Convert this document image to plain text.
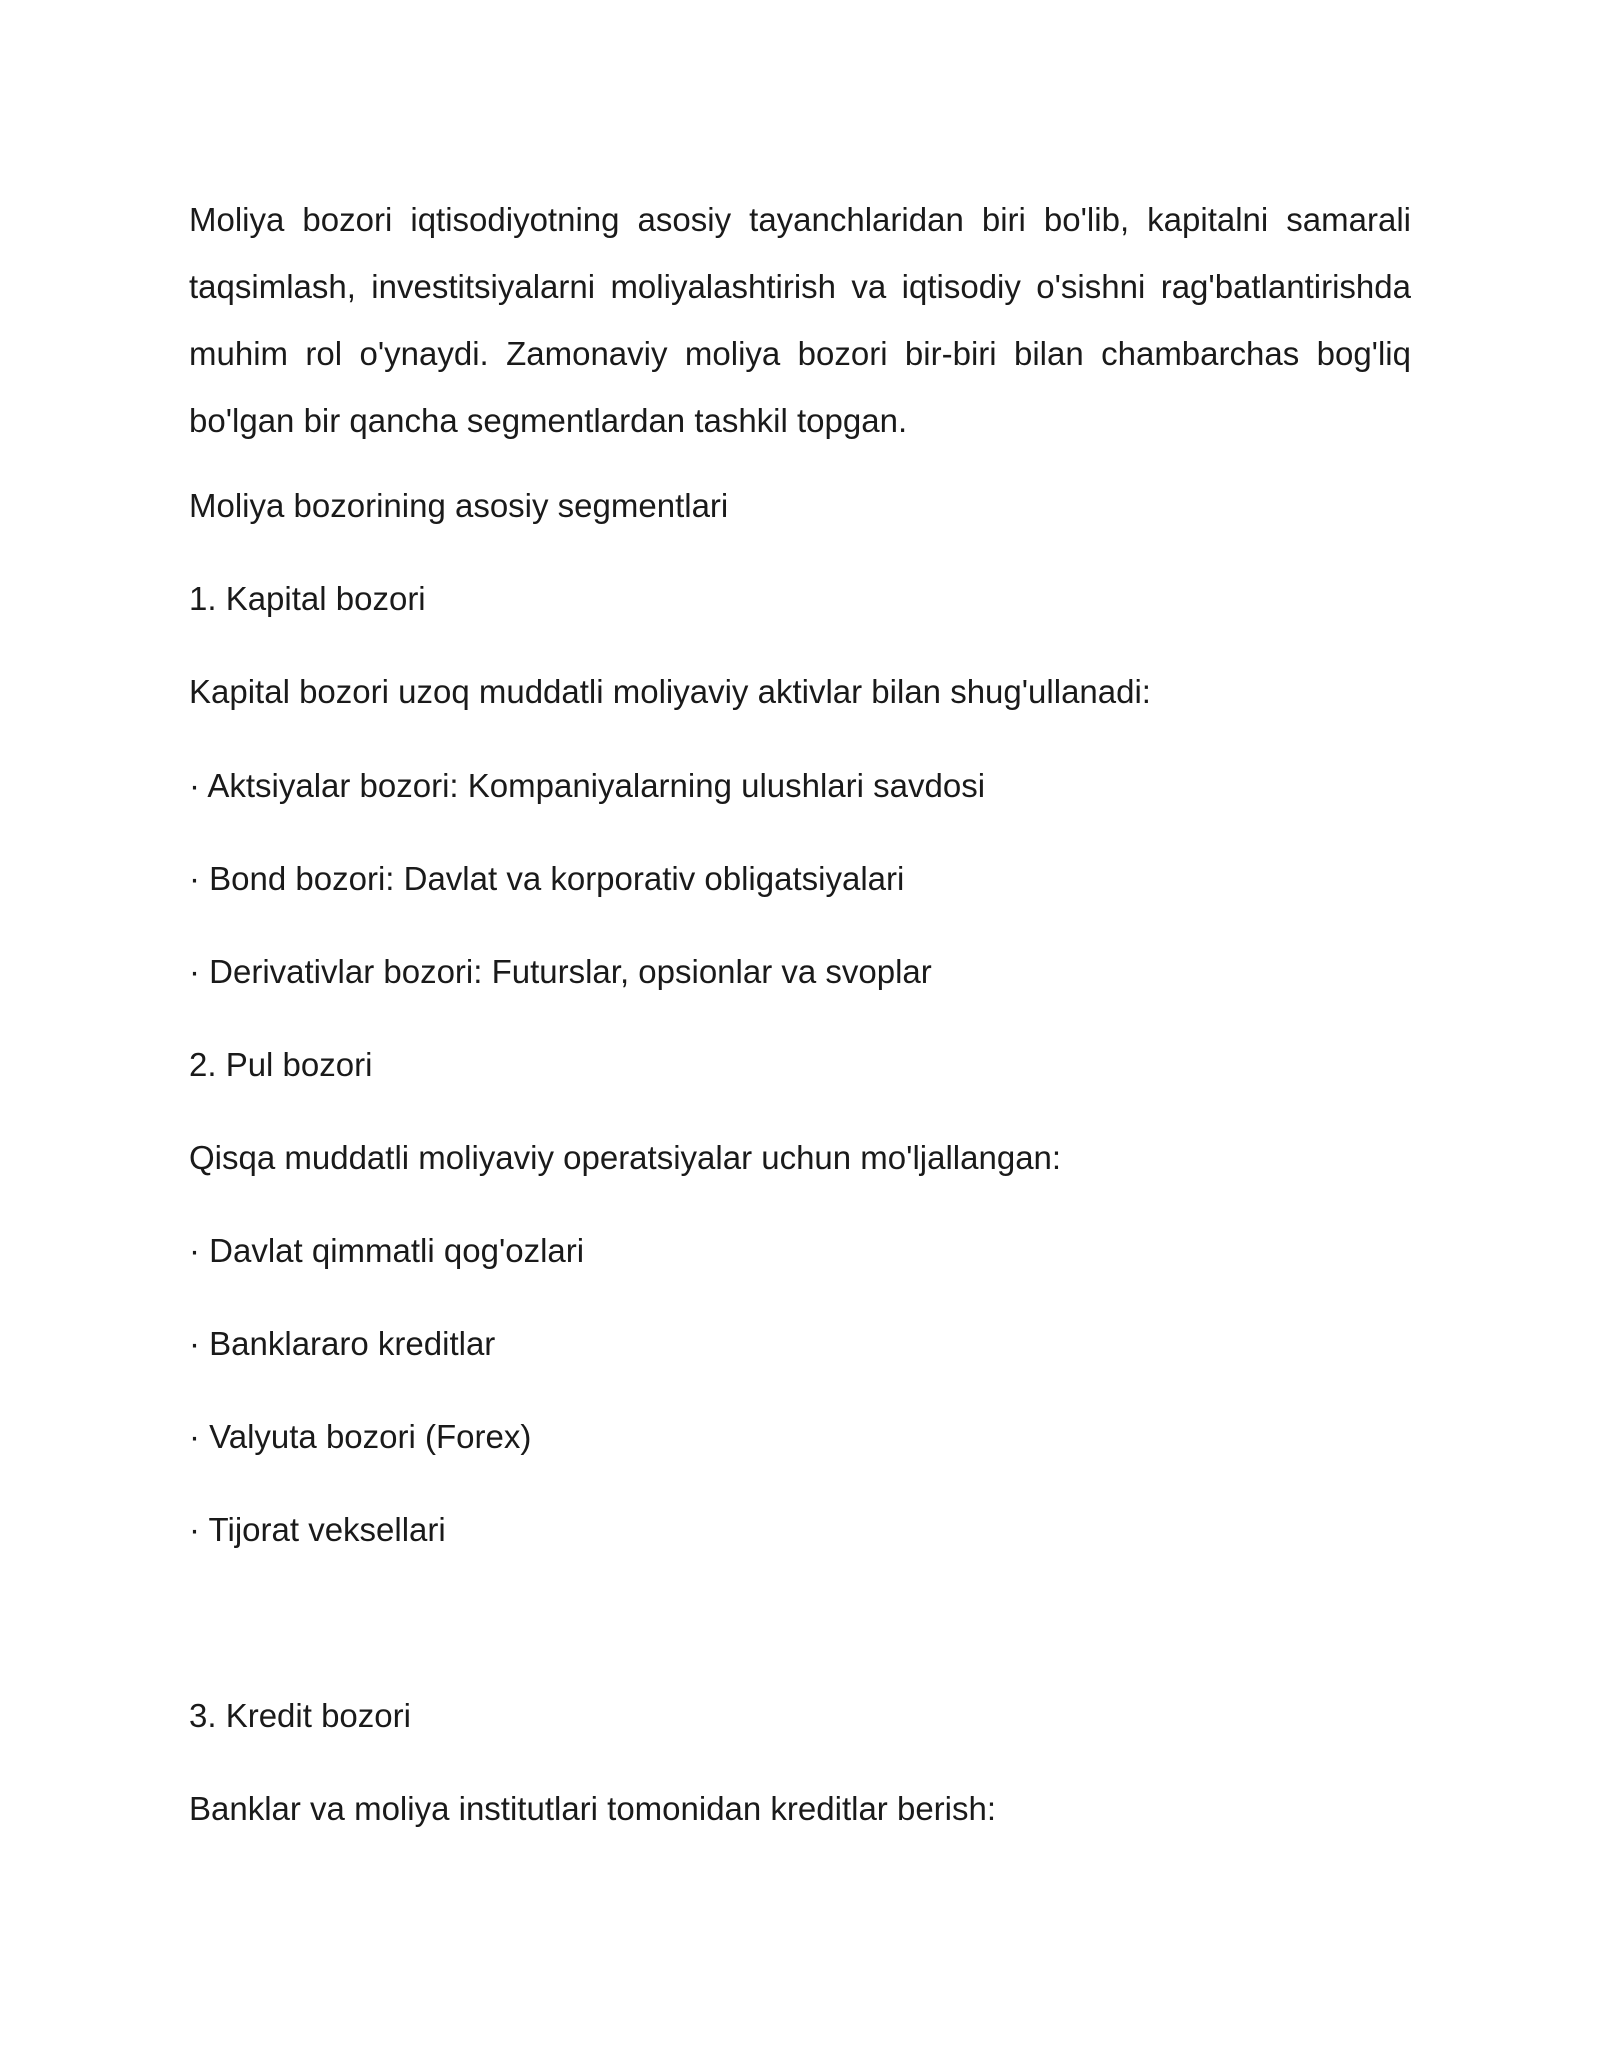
Moliya bozori iqtisodiyotning asosiy tayanchlaridan biri bo'lib, kapitalni samarali taqsimlash, investitsiyalarni moliyalashtirish va iqtisodiy o'sishni rag'batlantirishda muhim rol o'ynaydi. Zamonaviy moliya bozori bir-biri bilan chambarchas bog'liq bo'lgan bir qancha segmentlardan tashkil topgan.

Moliya bozorining asosiy segmentlari

1. Kapital bozori

Kapital bozori uzoq muddatli moliyaviy aktivlar bilan shug'ullanadi:

· Aktsiyalar bozori: Kompaniyalarning ulushlari savdosi

· Bond bozori: Davlat va korporativ obligatsiyalari

· Derivativlar bozori: Futurslar, opsionlar va svoplar

2. Pul bozori

Qisqa muddatli moliyaviy operatsiyalar uchun mo'ljallangan:

· Davlat qimmatli qog'ozlari

· Banklararo kreditlar

· Valyuta bozori (Forex)

· Tijorat veksellari

3. Kredit bozori

Banklar va moliya institutlari tomonidan kreditlar berish:
